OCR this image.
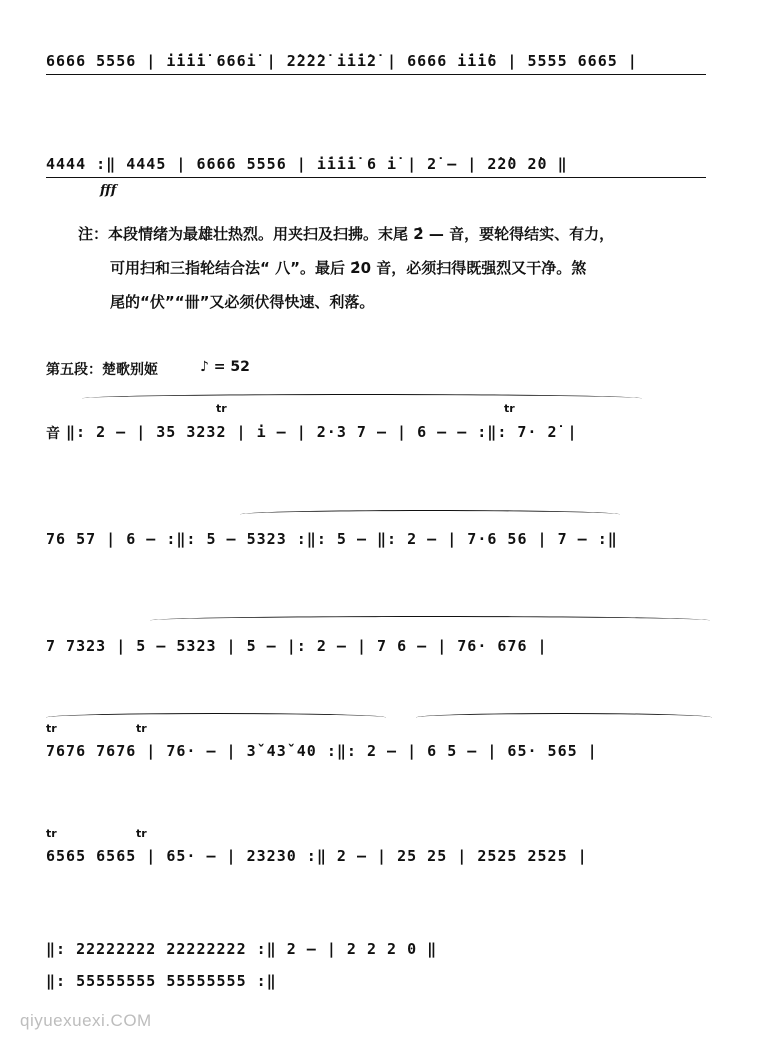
6666 5556 | i̇i̇i̇i̇ 666i̇ | 2̇2̇2̇2̇ i̇i̇i̇2̇ | 6666 i̇i̇i̇6 | 5555 6665 |
4444 :‖ 4445 | 6666 5556 | i̇i̇i̇i̇ 6 i̇ | 2̇ — | 2̇2̇0 2̇0 ‖
fff
注：本段情绪为最雄壮热烈。用夹扫及扫拂。末尾 2̇ — 音，要轮得结实、有力，
可用扫和三指轮结合法“ 八”。最后 2̇0 音，必须扫得既强烈又干净。煞
尾的“伏”“卌”又必须伏得快速、利落。
第五段：楚歌别姬	♪ = 52
音
tr	tr
‖: 2 — | 35 3232 | i — | 2·3 7 — | 6 — — :‖: 7· 2̇ |
76 57 | 6 — :‖: 5 — 5323 :‖: 5 — ‖: 2 — | 7·6 56 | 7 — :‖
7 7323 | 5 — 5323 | 5 — |: 2 — | 7 6 — | 76· 676 |
tr	tr
7676 7676 | 76· — | 3ˇ43ˇ40 :‖: 2 — | 6 5 — | 65· 565 |
tr	tr
6565 6565 | 65· — | 23230 :‖ 2 — | 25 25 | 2525 2525 |
‖: 22222222 22222222 :‖ 2 — | 2 2 2 0 ‖
‖: 55555555 55555555 :‖
qiyuexuexi.COM
